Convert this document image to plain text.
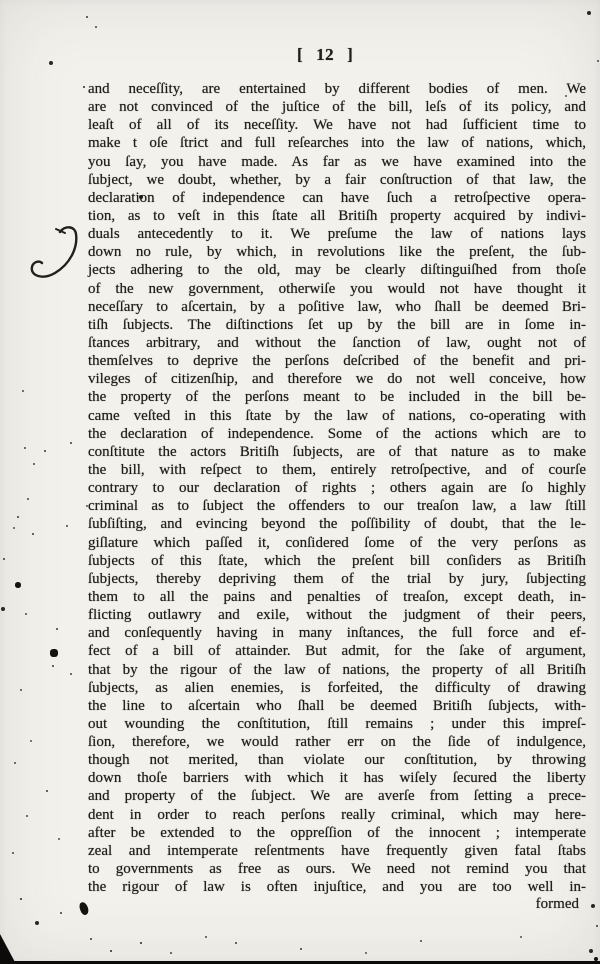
[ 12 ]
and neceſſity, are entertained by different bodies of men. We
are not convinced of the juſtice of the bill, leſs of its policy, and
leaſt of all of its neceſſity. We have not had ſufficient time to
make t oſe ſtrict and full reſearches into the law of nations, which,
you ſay, you have made. As far as we have examined into the
ſubject, we doubt, whether, by a fair conſtruction of that law, the
declaration of independence can have ſuch a retroſpective opera-
tion, as to veſt in this ſtate all Britiſh property acquired by indivi-
duals antecedently to it. We preſume the law of nations lays
down no rule, by which, in revolutions like the preſent, the ſub-
jects adhering to the old, may be clearly diſtinguiſhed from thoſe
of the new government, otherwiſe you would not have thought it
neceſſary to aſcertain, by a poſitive law, who ſhall be deemed Bri-
tiſh ſubjects. The diſtinctions ſet up by the bill are in ſome in-
ſtances arbitrary, and without the ſanction of law, ought not of
themſelves to deprive the perſons deſcribed of the benefit and pri-
vileges of citizenſhip, and therefore we do not well conceive, how
the property of the perſons meant to be included in the bill be-
came veſted in this ſtate by the law of nations, co-operating with
the declaration of independence. Some of the actions which are to
conſtitute the actors Britiſh ſubjects, are of that nature as to make
the bill, with reſpect to them, entirely retroſpective, and of courſe
contrary to our declaration of rights ; others again are ſo highly
criminal as to ſubject the offenders to our treaſon law, a law ſtill
ſubſiſting, and evincing beyond the poſſibility of doubt, that the le-
giſlature which paſſed it, conſidered ſome of the very perſons as
ſubjects of this ſtate, which the preſent bill conſiders as Britiſh
ſubjects, thereby depriving them of the trial by jury, ſubjecting
them to all the pains and penalties of treaſon, except death, in-
flicting outlawry and exile, without the judgment of their peers,
and conſequently having in many inſtances, the full force and ef-
fect of a bill of attainder. But admit, for the ſake of argument,
that by the rigour of the law of nations, the property of all Britiſh
ſubjects, as alien enemies, is forfeited, the difficulty of drawing
the line to aſcertain who ſhall be deemed Britiſh ſubjects, with-
out wounding the conſtitution, ſtill remains ; under this impreſ-
ſion, therefore, we would rather err on the ſide of indulgence,
though not merited, than violate our conſtitution, by throwing
down thoſe barriers with which it has wiſely ſecured the liberty
and property of the ſubject. We are averſe from ſetting a prece-
dent in order to reach perſons really criminal, which may here-
after be extended to the oppreſſion of the innocent ; intemperate
zeal and intemperate reſentments have frequently given fatal ſtabs
to governments as free as ours. We need not remind you that
the rigour of law is often injuſtice, and you are too well in-
formed
